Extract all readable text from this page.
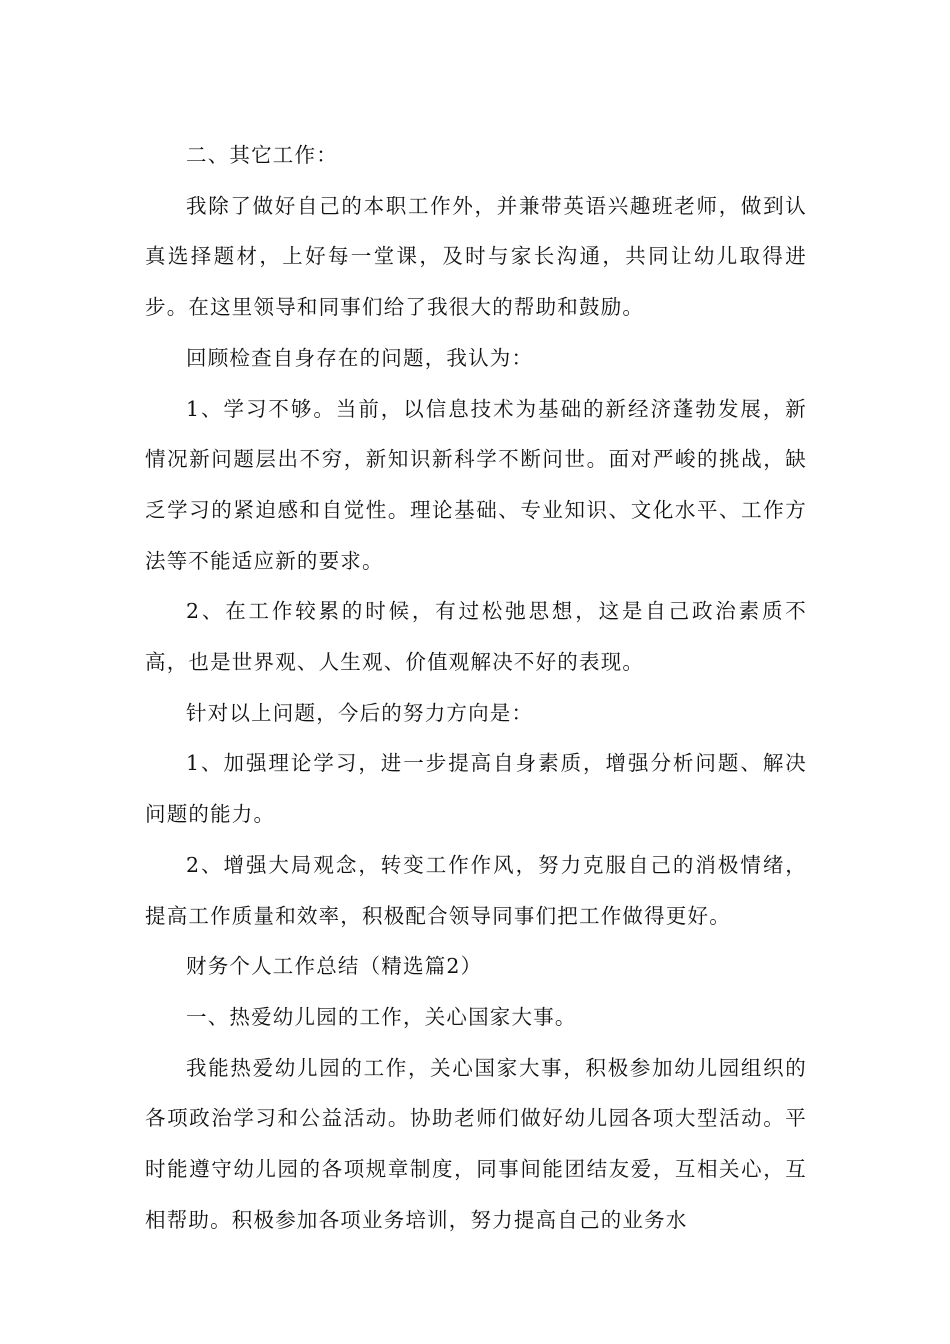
二、其它工作：

我除了做好自己的本职工作外，并兼带英语兴趣班老师，做到认真选择题材，上好每一堂课，及时与家长沟通，共同让幼儿取得进步。在这里领导和同事们给了我很大的帮助和鼓励。

回顾检查自身存在的问题，我认为：

1、学习不够。当前，以信息技术为基础的新经济蓬勃发展，新情况新问题层出不穷，新知识新科学不断问世。面对严峻的挑战，缺乏学习的紧迫感和自觉性。理论基础、专业知识、文化水平、工作方法等不能适应新的要求。

2、在工作较累的时候，有过松弛思想，这是自己政治素质不高，也是世界观、人生观、价值观解决不好的表现。

针对以上问题，今后的努力方向是：

1、加强理论学习，进一步提高自身素质，增强分析问题、解决问题的能力。

2、增强大局观念，转变工作作风，努力克服自己的消极情绪，提高工作质量和效率，积极配合领导同事们把工作做得更好。

财务个人工作总结（精选篇2）

一、热爱幼儿园的工作，关心国家大事。

我能热爱幼儿园的工作，关心国家大事，积极参加幼儿园组织的各项政治学习和公益活动。协助老师们做好幼儿园各项大型活动。平时能遵守幼儿园的各项规章制度，同事间能团结友爱，互相关心，互相帮助。积极参加各项业务培训，努力提高自己的业务水
